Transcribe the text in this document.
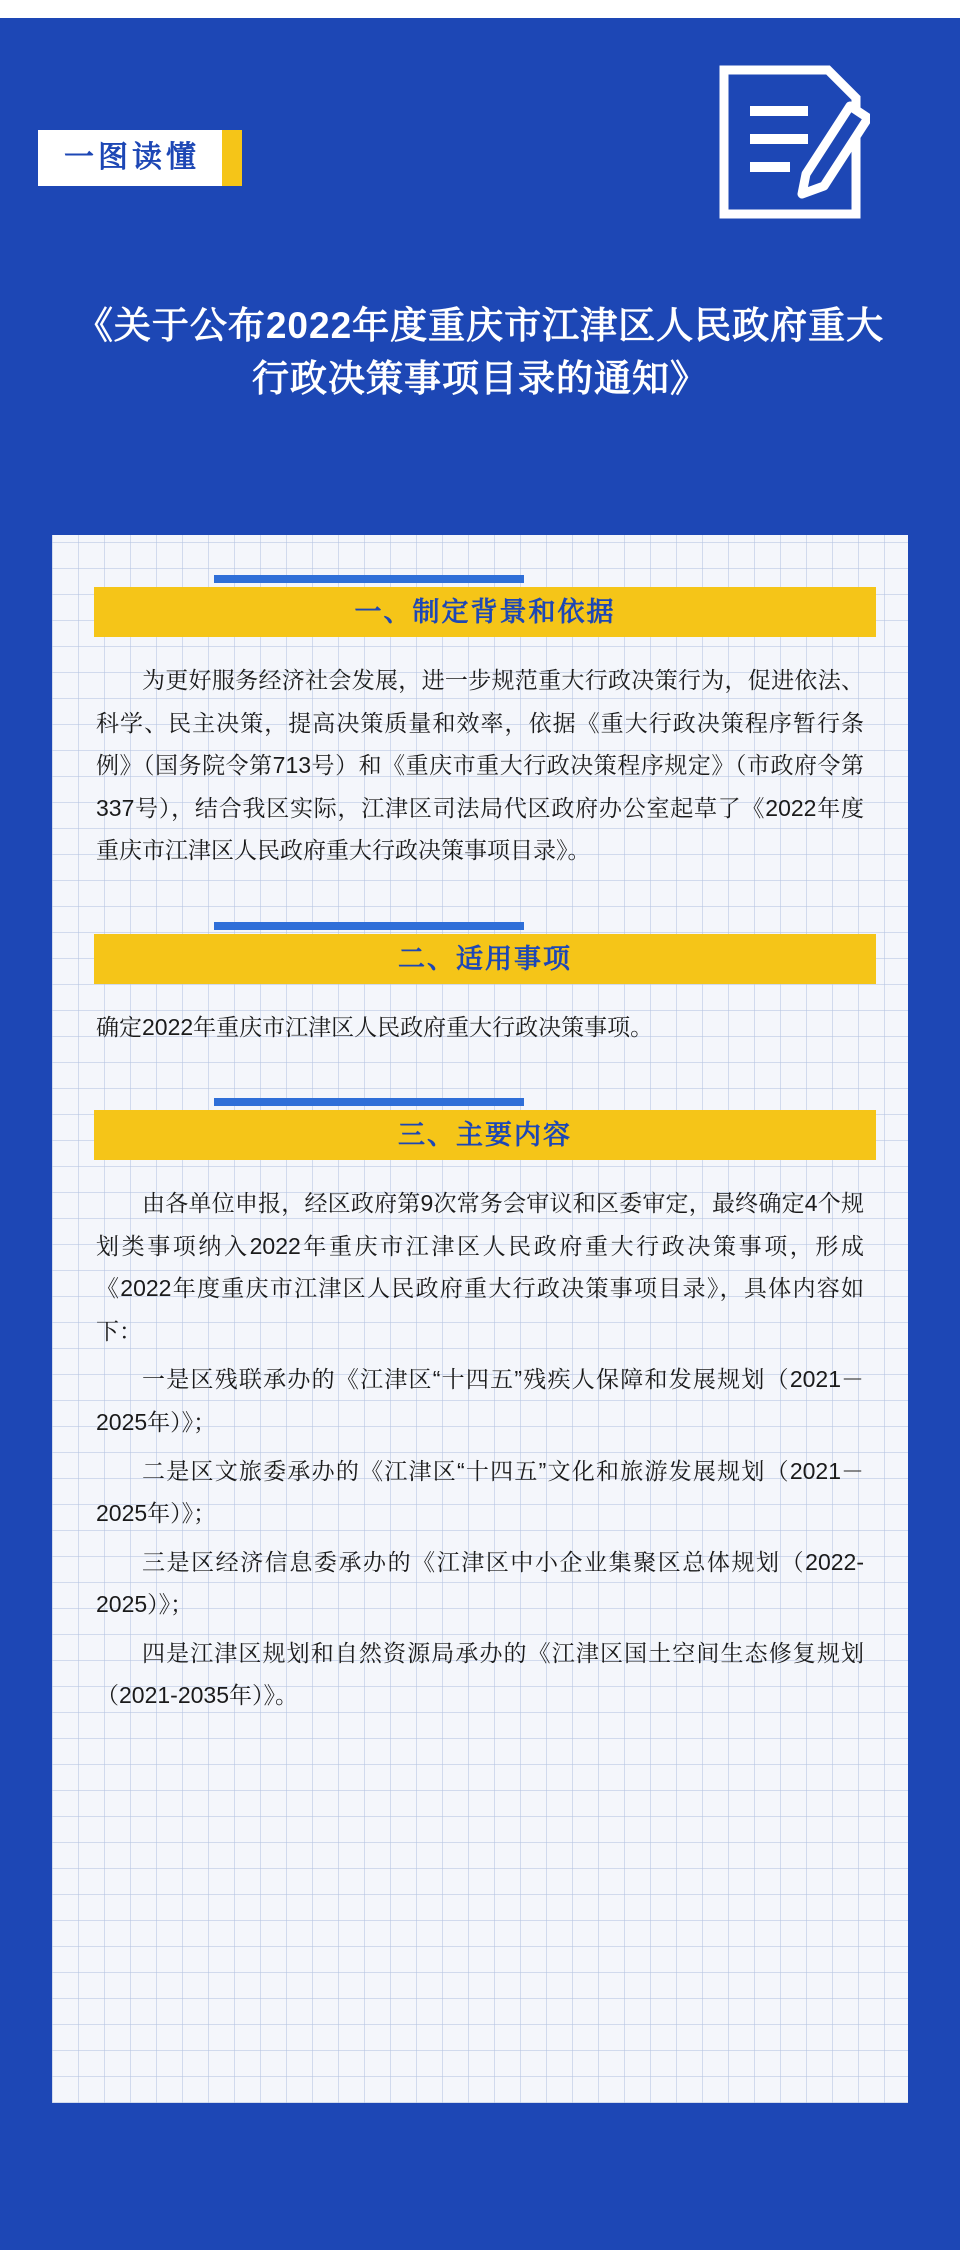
一图读懂
《关于公布2022年度重庆市江津区人民政府重大行政决策事项目录的通知》
一、制定背景和依据

为更好服务经济社会发展，进一步规范重大行政决策行为，促进依法、科学、民主决策，提高决策质量和效率，依据《重大行政决策程序暂行条例》（国务院令第713号）和《重庆市重大行政决策程序规定》（市政府令第337号），结合我区实际，江津区司法局代区政府办公室起草了《2022年度重庆市江津区人民政府重大行政决策事项目录》。

二、适用事项

确定2022年重庆市江津区人民政府重大行政决策事项。

三、主要内容

由各单位申报，经区政府第9次常务会审议和区委审定，最终确定4个规划类事项纳入2022年重庆市江津区人民政府重大行政决策事项，形成《2022年度重庆市江津区人民政府重大行政决策事项目录》，具体内容如下：

一是区残联承办的《江津区“十四五”残疾人保障和发展规划（2021－2025年）》；

二是区文旅委承办的《江津区“十四五”文化和旅游发展规划（2021－2025年）》；

三是区经济信息委承办的《江津区中小企业集聚区总体规划（2022-2025）》；

四是江津区规划和自然资源局承办的《江津区国土空间生态修复规划（2021-2035年）》。
